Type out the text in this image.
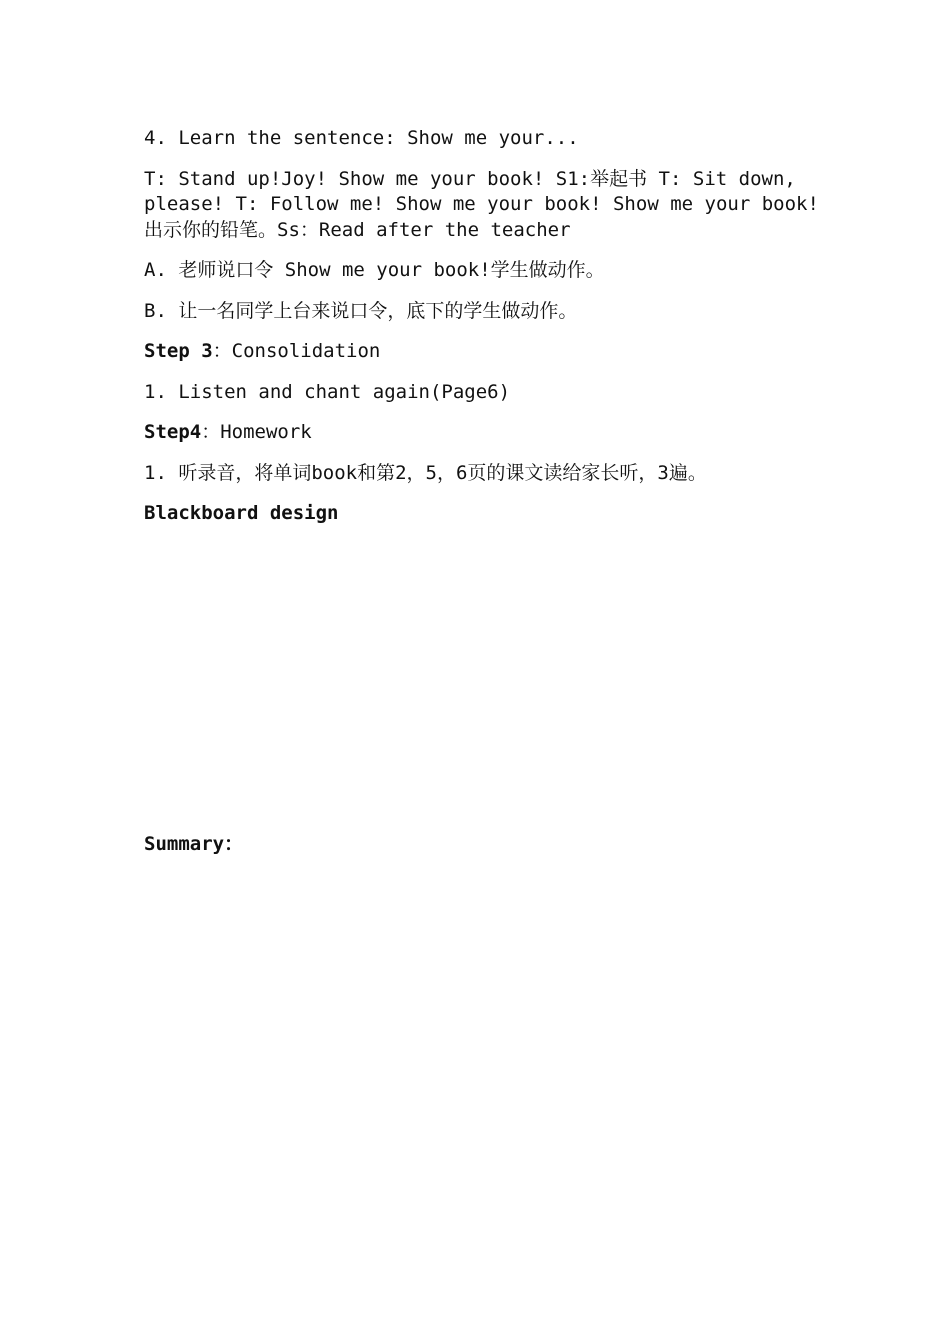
4. Learn the sentence: Show me your...

T: Stand up!Joy! Show me your book! S1:举起书 T: Sit down, please! T: Follow me! Show me your book! Show me your book! 出示你的铅笔。Ss：Read after the teacher

A. 老师说口令 Show me your book!学生做动作。

B. 让一名同学上台来说口令，底下的学生做动作。

Step 3：Consolidation

1. Listen and chant again(Page6)

Step4：Homework

1. 听录音，将单词book和第2，5，6页的课文读给家长听，3遍。

Blackboard design

Summary：
